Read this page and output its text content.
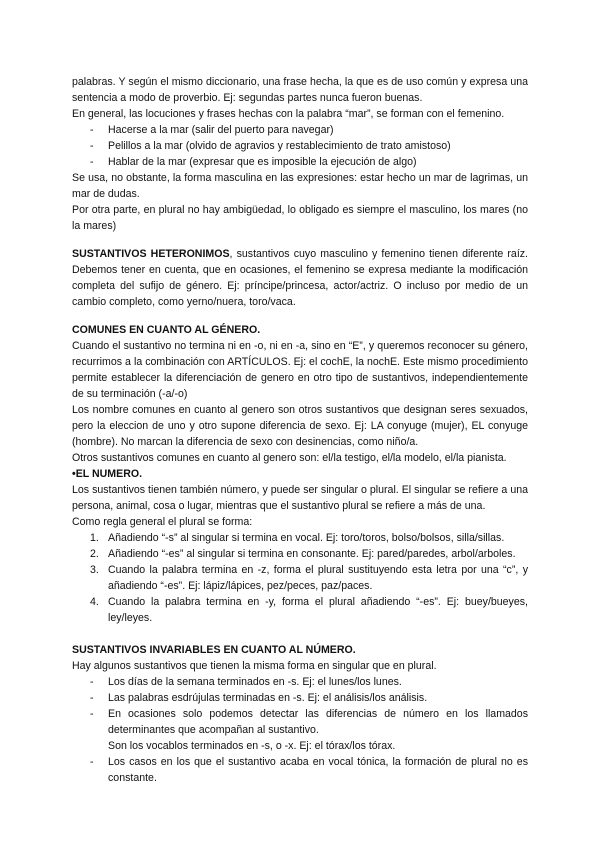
palabras. Y según el mismo diccionario, una frase hecha, la que es de uso común y expresa una sentencia a modo de proverbio. Ej: segundas partes nunca fueron buenas.

En general, las locuciones y frases hechas con la palabra “mar”, se forman con el femenino.

- Hacerse a la mar (salir del puerto para navegar)
- Pelillos a la mar (olvido de agravios y restablecimiento de trato amistoso)
- Hablar de la mar (expresar que es imposible la ejecución de algo)

Se usa, no obstante, la forma masculina en las expresiones: estar hecho un mar de lagrimas, un mar de dudas.

Por otra parte, en plural no hay ambigüedad, lo obligado es siempre el masculino, los mares (no la mares)

SUSTANTIVOS HETERONIMOS, sustantivos cuyo masculino y femenino tienen diferente raíz. Debemos tener en cuenta, que en ocasiones, el femenino se expresa mediante la modificación completa del sufijo de género. Ej: príncipe/princesa, actor/actriz. O incluso por medio de un cambio completo, como yerno/nuera, toro/vaca.

COMUNES EN CUANTO AL GÉNERO.

Cuando el sustantivo no termina ni en -o, ni en -a, sino en “E”, y queremos reconocer su género, recurrimos a la combinación con ARTÍCULOS. Ej: el cochE, la nochE. Este mismo procedimiento permite establecer la diferenciación de genero en otro tipo de sustantivos, independientemente de su terminación (-a/-o)

Los nombre comunes en cuanto al genero son otros sustantivos que designan seres sexuados, pero la eleccion de uno y otro supone diferencia de sexo. Ej: LA conyuge (mujer), EL conyuge (hombre). No marcan la diferencia de sexo con desinencias, como niño/a.

Otros sustantivos comunes en cuanto al genero son: el/la testigo, el/la modelo, el/la pianista.

•EL NUMERO.

Los sustantivos tienen también número, y puede ser singular o plural. El singular se refiere a una persona, animal, cosa o lugar, mientras que el sustantivo plural se refiere a más de una.

Como regla general el plural se forma:

1. Añadiendo “-s” al singular si termina en vocal. Ej: toro/toros, bolso/bolsos, silla/sillas.
2. Añadiendo “-es” al singular si termina en consonante. Ej: pared/paredes, arbol/arboles.
3. Cuando la palabra termina en -z, forma el plural sustituyendo esta letra por una “c”, y añadiendo “-es”. Ej: lápiz/lápices, pez/peces, paz/paces.
4. Cuando la palabra termina en -y, forma el plural añadiendo “-es”. Ej: buey/bueyes, ley/leyes.

SUSTANTIVOS INVARIABLES EN CUANTO AL NÚMERO.

Hay algunos sustantivos que tienen la misma forma en singular que en plural.

- Los días de la semana terminados en -s. Ej: el lunes/los lunes.
- Las palabras esdrújulas terminadas en -s. Ej: el análisis/los análisis.
- En ocasiones solo podemos detectar las diferencias de número en los llamados determinantes que acompañan al sustantivo.

Son los vocablos terminados en -s, o -x. Ej: el tórax/los tórax.

- Los casos en los que el sustantivo acaba en vocal tónica, la formación de plural no es constante.
